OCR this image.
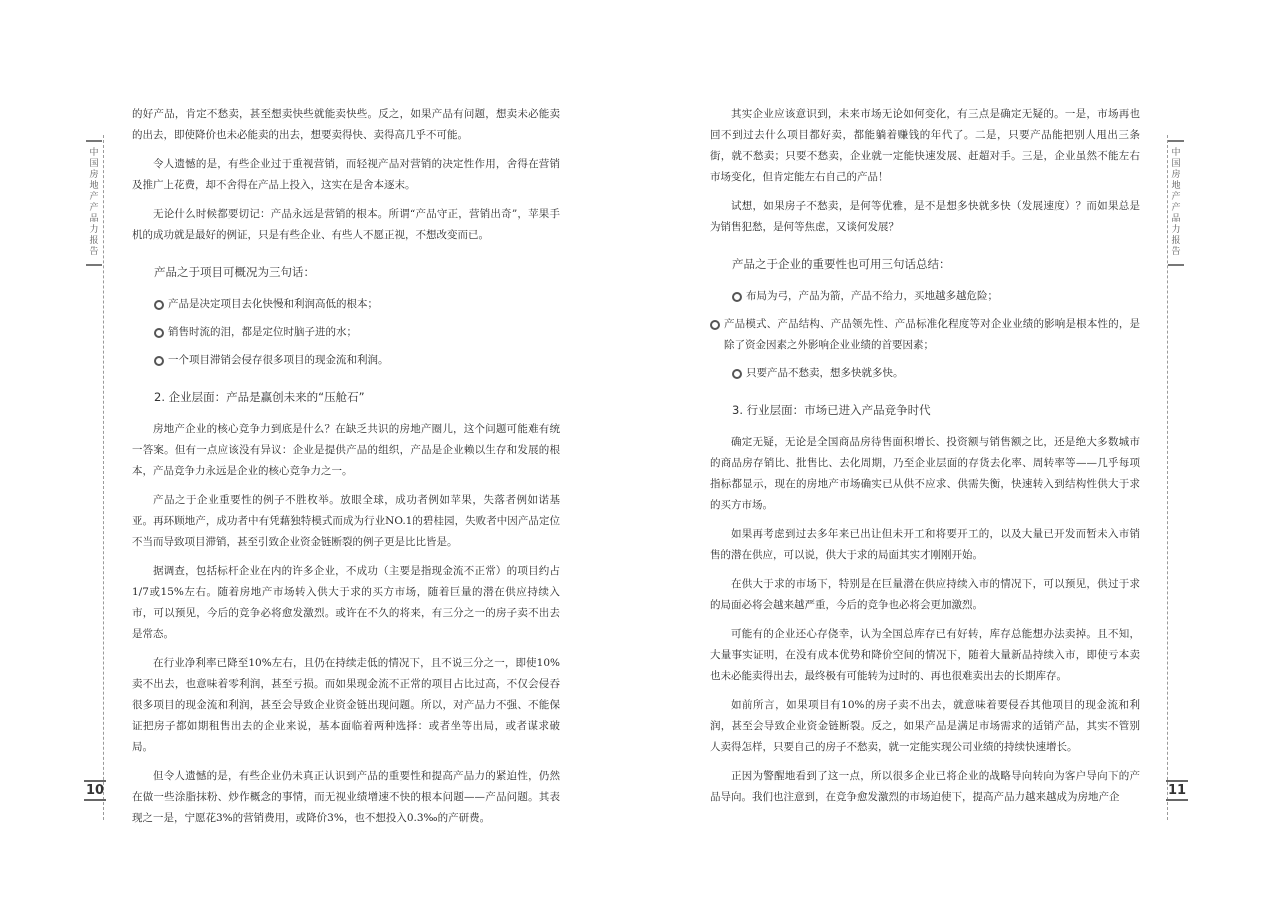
中国房地产产品力报告
10

的好产品，肯定不愁卖，甚至想卖快些就能卖快些。反之，如果产品有问题，想卖未必能卖的出去，即使降价也未必能卖的出去，想要卖得快、卖得高几乎不可能。

令人遗憾的是，有些企业过于重视营销，而轻视产品对营销的决定性作用，舍得在营销及推广上花费，却不舍得在产品上投入，这实在是舍本逐末。

无论什么时候都要切记：产品永远是营销的根本。所谓“产品守正，营销出奇”，苹果手机的成功就是最好的例证，只是有些企业、有些人不愿正视，不想改变而已。

产品之于项目可概况为三句话：
产品是决定项目去化快慢和利润高低的根本；
销售时流的泪，都是定位时脑子进的水；
一个项目滞销会侵存很多项目的现金流和利润。
2. 企业层面：产品是赢创未来的“压舱石”

房地产企业的核心竞争力到底是什么？在缺乏共识的房地产圈儿，这个问题可能难有统一答案。但有一点应该没有异议：企业是提供产品的组织，产品是企业赖以生存和发展的根本，产品竞争力永远是企业的核心竞争力之一。

产品之于企业重要性的例子不胜枚举。放眼全球，成功者例如苹果，失落者例如诺基亚。再环顾地产，成功者中有凭藉独特模式而成为行业NO.1的碧桂园，失败者中因产品定位不当而导致项目滞销，甚至引致企业资金链断裂的例子更是比比皆是。

据调查，包括标杆企业在内的许多企业，不成功（主要是指现金流不正常）的项目约占1/7或15%左右。随着房地产市场转入供大于求的买方市场，随着巨量的潜在供应持续入市，可以预见，今后的竞争必将愈发激烈。或许在不久的将来，有三分之一的房子卖不出去是常态。

在行业净利率已降至10%左右，且仍在持续走低的情况下，且不说三分之一，即使10%卖不出去，也意味着零利润，甚至亏损。而如果现金流不正常的项目占比过高，不仅会侵吞很多项目的现金流和利润，甚至会导致企业资金链出现问题。所以，对产品力不强、不能保证把房子都如期租售出去的企业来说，基本面临着两种选择：或者坐等出局，或者谋求破局。

但令人遗憾的是，有些企业仍未真正认识到产品的重要性和提高产品力的紧迫性，仍然在做一些涂脂抹粉、炒作概念的事情，而无视业绩增速不快的根本问题——产品问题。其表现之一是，宁愿花3%的营销费用，或降价3%，也不想投入0.3‰的产研费。

中国房地产产品力报告
11

其实企业应该意识到，未来市场无论如何变化，有三点是确定无疑的。一是，市场再也回不到过去什么项目都好卖，都能躺着赚钱的年代了。二是，只要产品能把别人甩出三条街，就不愁卖；只要不愁卖，企业就一定能快速发展、赶超对手。三是，企业虽然不能左右市场变化，但肯定能左右自己的产品！

试想，如果房子不愁卖，是何等优雅，是不是想多快就多快（发展速度）？而如果总是为销售犯愁，是何等焦虑，又谈何发展？

产品之于企业的重要性也可用三句话总结：
布局为弓，产品为箭，产品不给力，买地越多越危险；
产品模式、产品结构、产品领先性、产品标准化程度等对企业业绩的影响是根本性的，是除了资金因素之外影响企业业绩的首要因素；
只要产品不愁卖，想多快就多快。
3. 行业层面：市场已进入产品竞争时代

确定无疑，无论是全国商品房待售面积增长、投资额与销售额之比，还是绝大多数城市的商品房存销比、批售比、去化周期，乃至企业层面的存货去化率、周转率等——几乎每项指标都显示，现在的房地产市场确实已从供不应求、供需失衡，快速转入到结构性供大于求的买方市场。

如果再考虑到过去多年来已出让但未开工和将要开工的，以及大量已开发而暂未入市销售的潜在供应，可以说，供大于求的局面其实才刚刚开始。

在供大于求的市场下，特别是在巨量潜在供应持续入市的情况下，可以预见，供过于求的局面必将会越来越严重，今后的竞争也必将会更加激烈。

可能有的企业还心存侥幸，认为全国总库存已有好转，库存总能想办法卖掉。且不知，大量事实证明，在没有成本优势和降价空间的情况下，随着大量新品持续入市，即使亏本卖也未必能卖得出去，最终极有可能转为过时的、再也很难卖出去的长期库存。

如前所言，如果项目有10%的房子卖不出去，就意味着要侵吞其他项目的现金流和利润，甚至会导致企业资金链断裂。反之，如果产品是满足市场需求的适销产品，其实不管别人卖得怎样，只要自己的房子不愁卖，就一定能实现公司业绩的持续快速增长。

正因为警醒地看到了这一点，所以很多企业已将企业的战略导向转向为客户导向下的产品导向。我们也注意到，在竞争愈发激烈的市场迫使下，提高产品力越来越成为房地产企
